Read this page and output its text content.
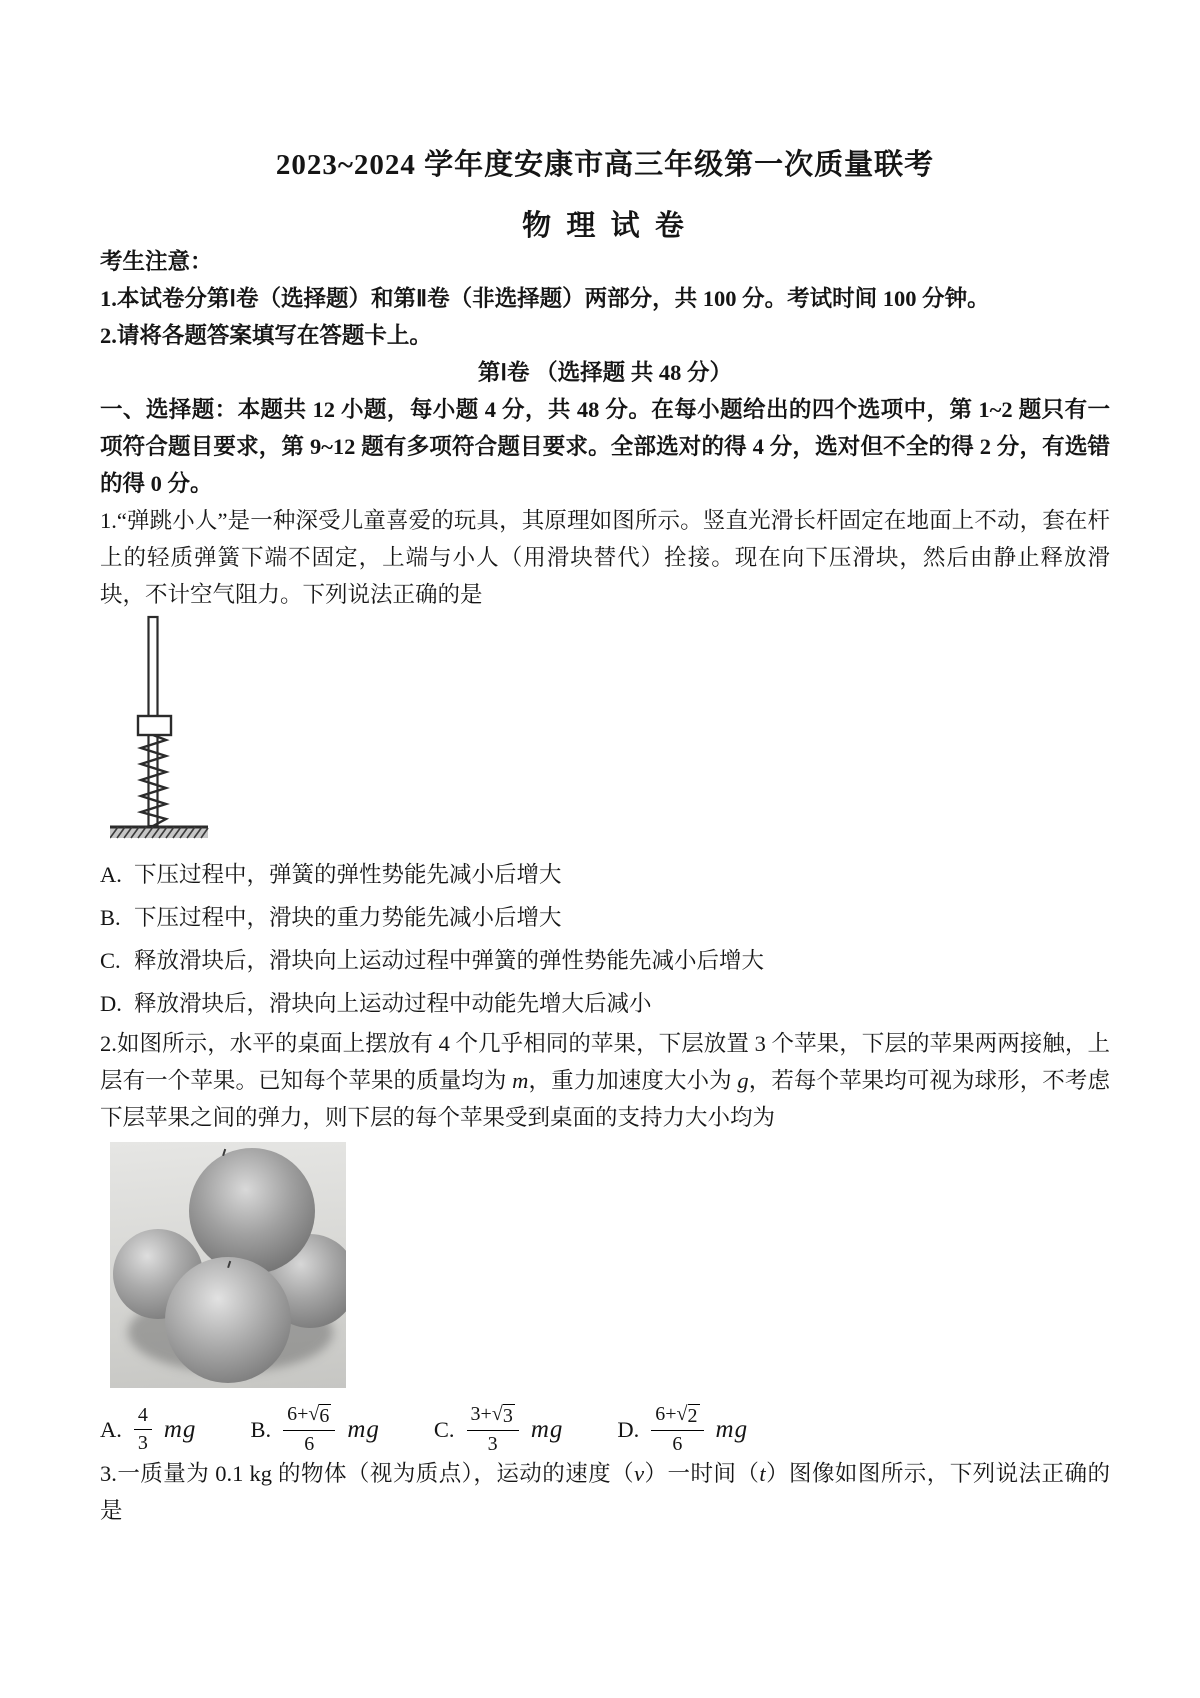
2023~2024 学年度安康市高三年级第一次质量联考
物 理 试 卷

考生注意：

1.本试卷分第Ⅰ卷（选择题）和第Ⅱ卷（非选择题）两部分，共 100 分。考试时间 100 分钟。

2.请将各题答案填写在答题卡上。

第Ⅰ卷 （选择题 共 48 分）

一、选择题：本题共 12 小题，每小题 4 分，共 48 分。在每小题给出的四个选项中，第 1~2 题只有一项符合题目要求，第 9~12 题有多项符合题目要求。全部选对的得 4 分，选对但不全的得 2 分，有选错的得 0 分。

1.“弹跳小人”是一种深受儿童喜爱的玩具，其原理如图所示。竖直光滑长杆固定在地面上不动，套在杆上的轻质弹簧下端不固定，上端与小人（用滑块替代）拴接。现在向下压滑块，然后由静止释放滑块，不计空气阻力。下列说法正确的是

A. 下压过程中，弹簧的弹性势能先减小后增大

B. 下压过程中，滑块的重力势能先减小后增大

C. 释放滑块后，滑块向上运动过程中弹簧的弹性势能先减小后增大

D. 释放滑块后，滑块向上运动过程中动能先增大后减小

2.如图所示，水平的桌面上摆放有 4 个几乎相同的苹果，下层放置 3 个苹果，下层的苹果两两接触，上层有一个苹果。已知每个苹果的质量均为 m，重力加速度大小为 g，若每个苹果均可视为球形，不考虑下层苹果之间的弹力，则下层的每个苹果受到桌面的支持力大小均为

A.
4
3
mg B.
6+ √ 6
6
mg C.
3+ √ 3
3
mg D.
6+ √ 2
6
mg

3.一质量为 0.1 kg 的物体（视为质点），运动的速度（v）一时间（t）图像如图所示，下列说法正确的是
